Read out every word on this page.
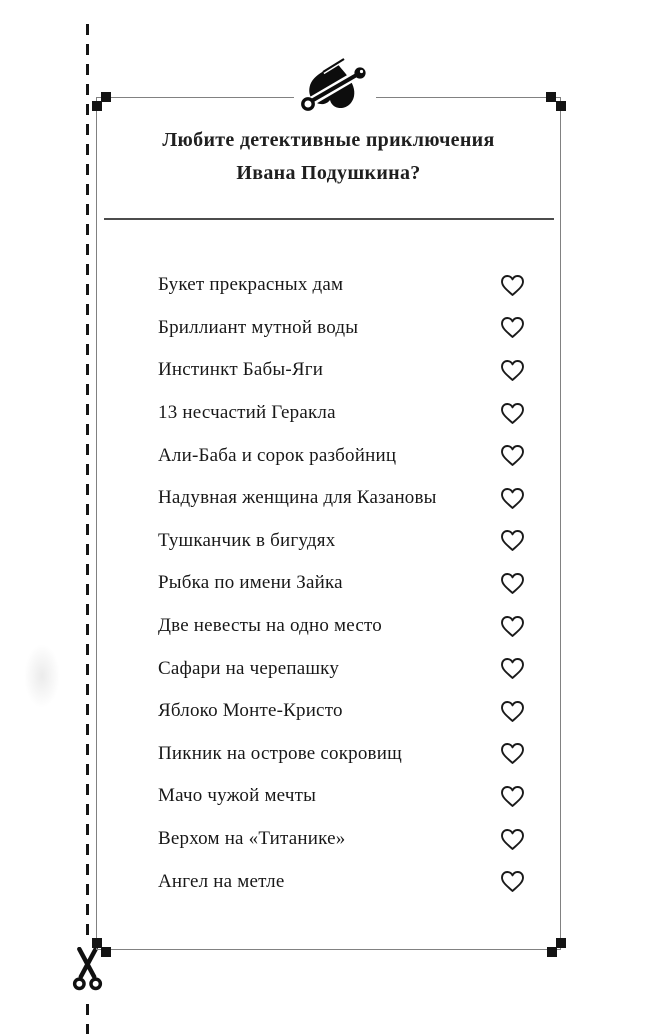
Любите детективные приключения
Ивана Подушкина?
Букет прекрасных дам
Бриллиант мутной воды
Инстинкт Бабы-Яги
13 несчастий Геракла
Али-Баба и сорок разбойниц
Надувная женщина для Казановы
Тушканчик в бигудях
Рыбка по имени Зайка
Две невесты на одно место
Сафари на черепашку
Яблоко Монте-Кристо
Пикник на острове сокровищ
Мачо чужой мечты
Верхом на «Титанике»
Ангел на метле
